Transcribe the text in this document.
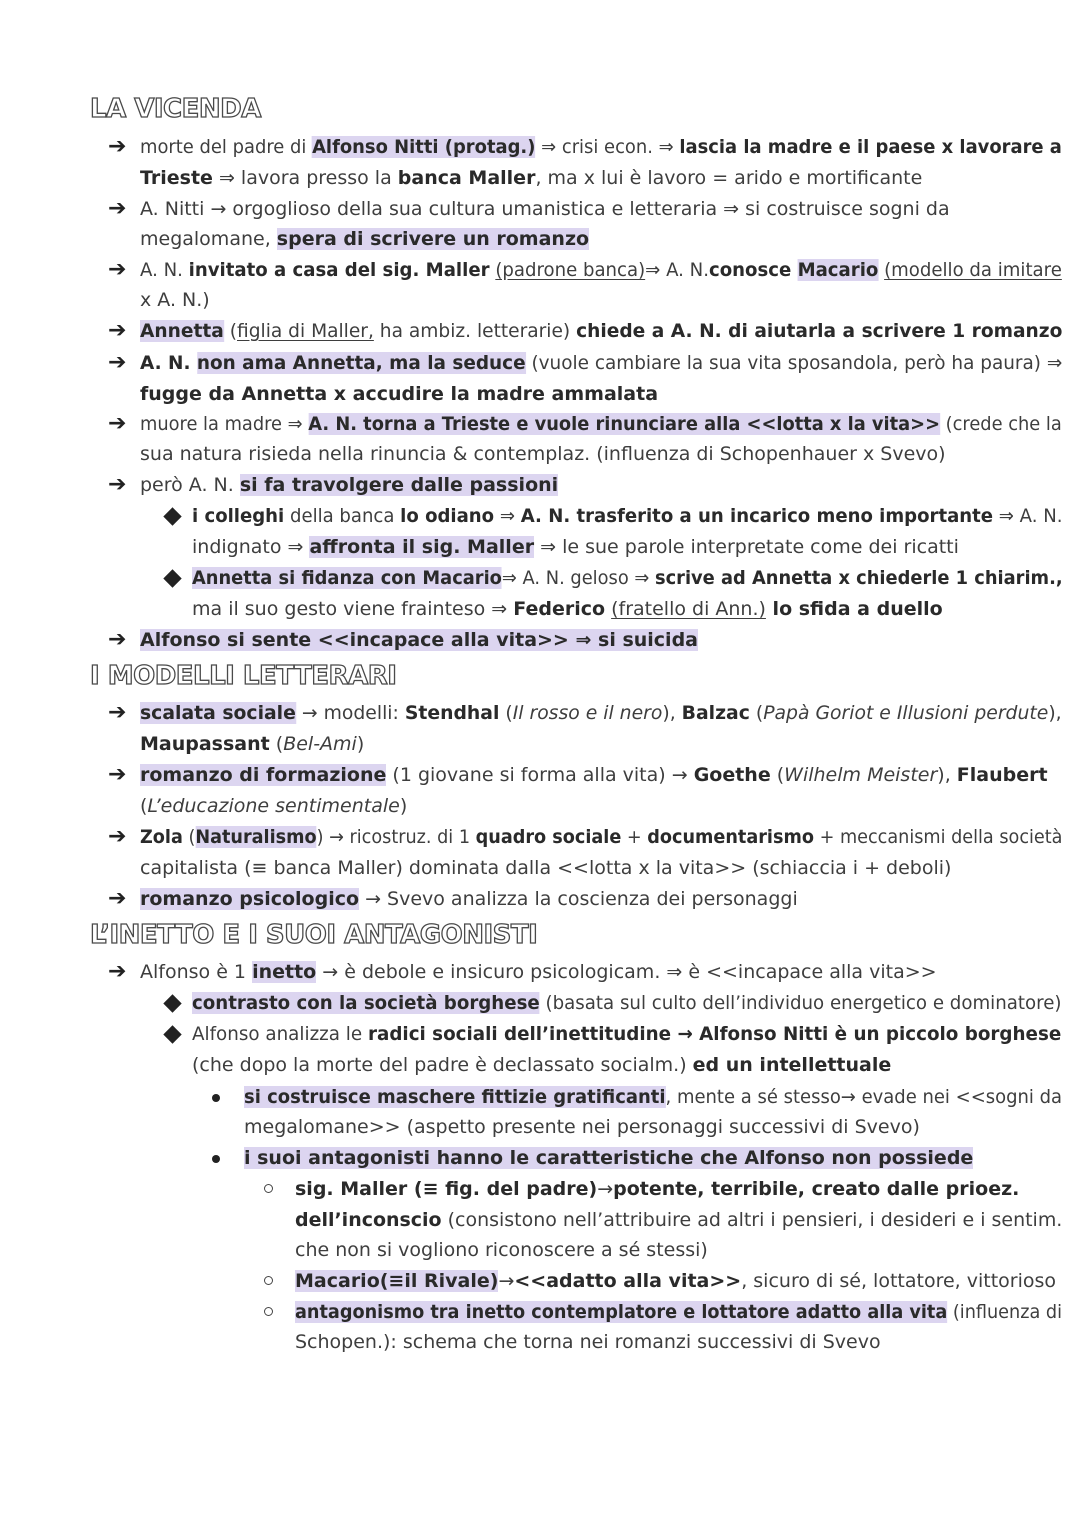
LA VICENDA
➔ morte del padre di Alfonso Nitti (protag.) ⇒ crisi econ. ⇒ lascia la madre e il paese x lavorare a
Trieste ⇒ lavora presso la banca Maller, ma x lui è lavoro = arido e mortificante
➔ A. Nitti → orgoglioso della sua cultura umanistica e letteraria ⇒ si costruisce sogni da
megalomane, spera di scrivere un romanzo
➔ A. N. invitato a casa del sig. Maller (padrone banca)⇒ A. N.conosce Macario (modello da imitare
x A. N.)
➔ Annetta (figlia di Maller, ha ambiz. letterarie) chiede a A. N. di aiutarla a scrivere 1 romanzo
➔ A. N. non ama Annetta, ma la seduce (vuole cambiare la sua vita sposandola, però ha paura) ⇒
fugge da Annetta x accudire la madre ammalata
➔ muore la madre ⇒ A. N. torna a Trieste e vuole rinunciare alla <<lotta x la vita>> (crede che la
sua natura risieda nella rinuncia & contemplaz. (influenza di Schopenhauer x Svevo)
➔ però A. N. si fa travolgere dalle passioni
i colleghi della banca lo odiano ⇒ A. N. trasferito a un incarico meno importante ⇒ A. N.
indignato ⇒ affronta il sig. Maller ⇒ le sue parole interpretate come dei ricatti
Annetta si fidanza con Macario⇒ A. N. geloso ⇒ scrive ad Annetta x chiederle 1 chiarim.,
ma il suo gesto viene frainteso ⇒ Federico (fratello di Ann.) lo sfida a duello
➔ Alfonso si sente <<incapace alla vita>> ⇒ si suicida
I MODELLI LETTERARI
➔ scalata sociale → modelli: Stendhal (Il rosso e il nero), Balzac (Papà Goriot e Illusioni perdute),
Maupassant (Bel-Ami)
➔ romanzo di formazione (1 giovane si forma alla vita) → Goethe (Wilhelm Meister), Flaubert
(L’educazione sentimentale)
➔ Zola (Naturalismo) → ricostruz. di 1 quadro sociale + documentarismo + meccanismi della società
capitalista (≡ banca Maller) dominata dalla <<lotta x la vita>> (schiaccia i + deboli)
➔ romanzo psicologico → Svevo analizza la coscienza dei personaggi
L’INETTO E I SUOI ANTAGONISTI
➔ Alfonso è 1 inetto → è debole e insicuro psicologicam. ⇒ è <<incapace alla vita>>
contrasto con la società borghese (basata sul culto dell’individuo energetico e dominatore)
Alfonso analizza le radici sociali dell’inettitudine → Alfonso Nitti è un piccolo borghese
(che dopo la morte del padre è declassato socialm.) ed un intellettuale
si costruisce maschere fittizie gratificanti, mente a sé stesso→ evade nei <<sogni da
megalomane>> (aspetto presente nei personaggi successivi di Svevo)
i suoi antagonisti hanno le caratteristiche che Alfonso non possiede
sig. Maller (≡ fig. del padre)→potente, terribile, creato dalle prioez.
dell’inconscio (consistono nell’attribuire ad altri i pensieri, i desideri e i sentim.
che non si vogliono riconoscere a sé stessi)
Macario(≡il Rivale)→<<adatto alla vita>>, sicuro di sé, lottatore, vittorioso
antagonismo tra inetto contemplatore e lottatore adatto alla vita (influenza di
Schopen.): schema che torna nei romanzi successivi di Svevo
